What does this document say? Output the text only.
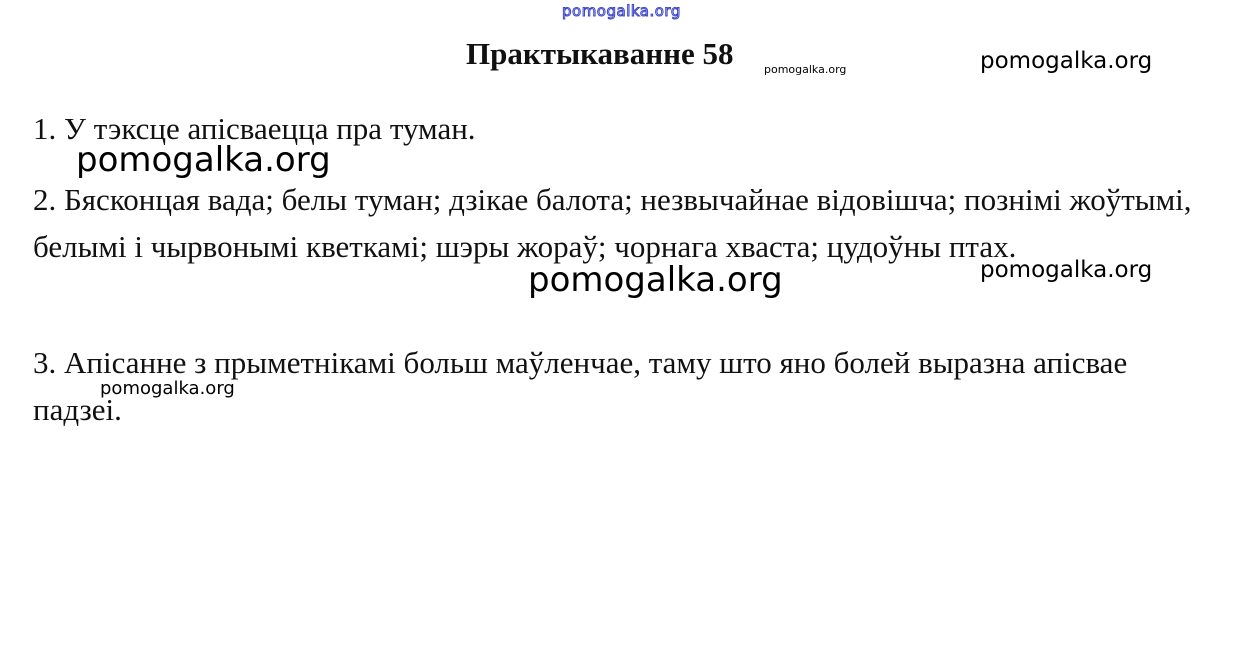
pomogalka.org
Практыкаванне 58	pomogalka.org	pomogalka.org

1. У тэксце апісваецца пра туман.

2. Бясконцая вада; белы туман; дзікае балота; незвычайнае відовішча; познімі жоўтымі, белымі і чырвонымі кветкамі; шэры жораў; чорнага хваста; цудоўны птах.

3. Апісанне з прыметнікамі больш маўленчае, таму што яно болей выразна апісвае падзеі.

pomogalka.org
pomogalka.org	pomogalka.org
pomogalka.org
